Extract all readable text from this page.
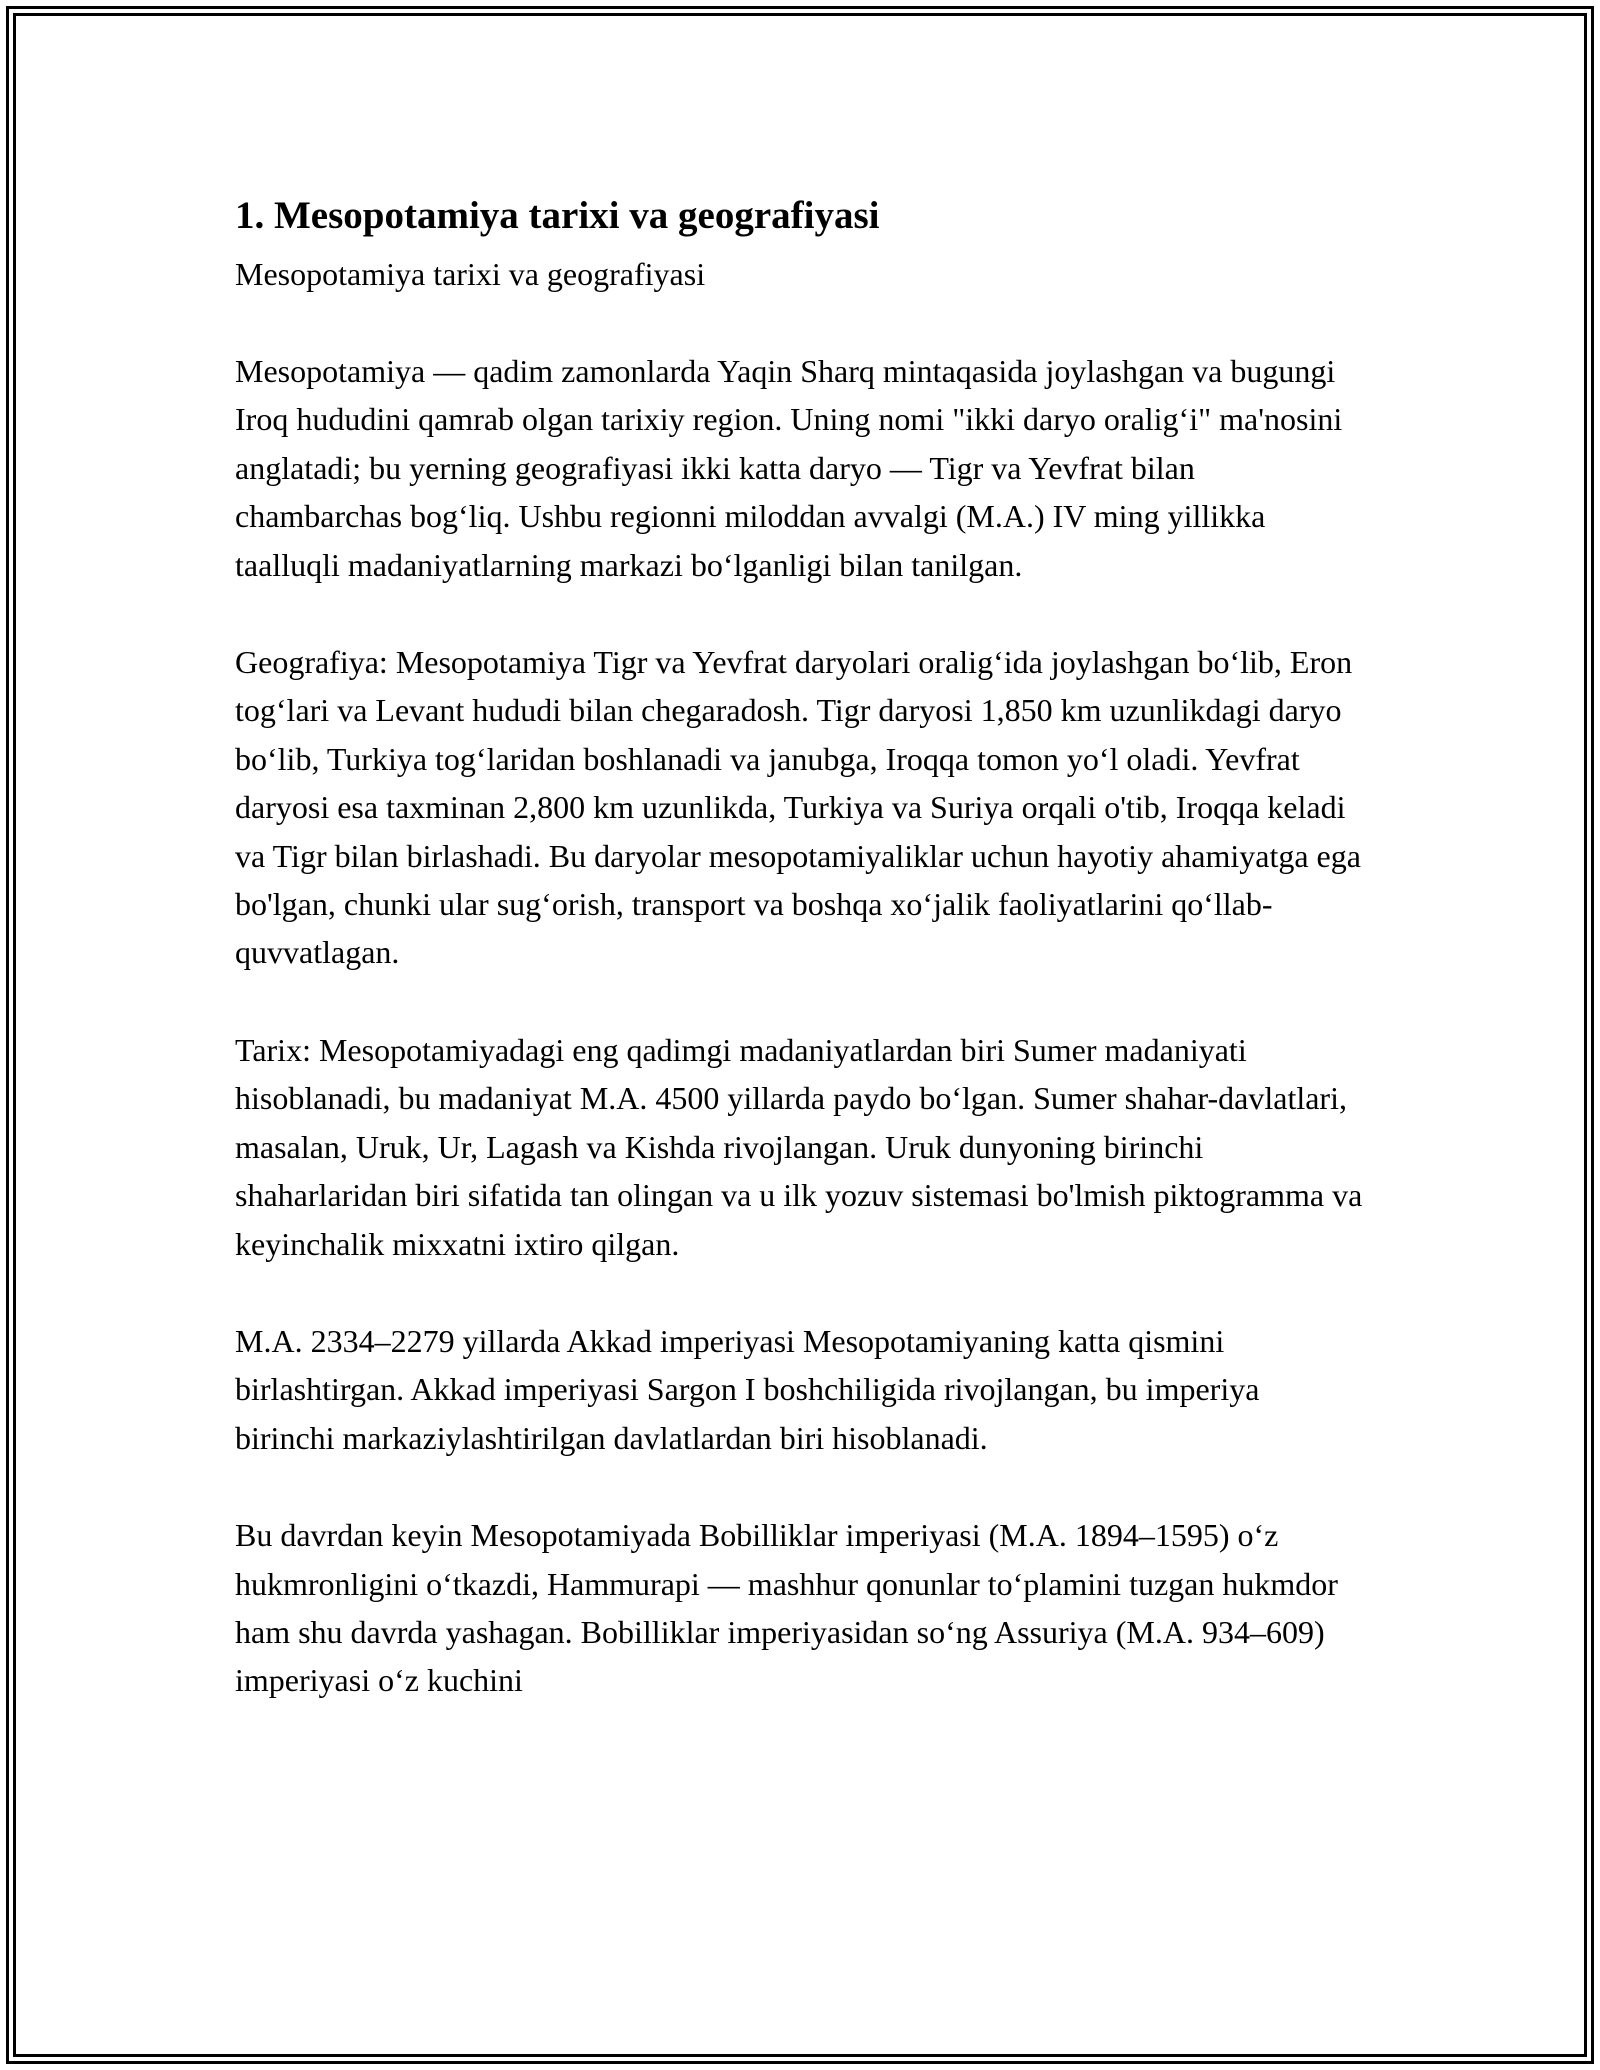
1. Mesopotamiya tarixi va geografiyasi

Mesopotamiya tarixi va geografiyasi

Mesopotamiya — qadim zamonlarda Yaqin Sharq mintaqasida joylashgan va bugungi Iroq hududini qamrab olgan tarixiy region. Uning nomi "ikki daryo oralig‘i" ma'nosini anglatadi; bu yerning geografiyasi ikki katta daryo — Tigr va Yevfrat bilan chambarchas bog‘liq. Ushbu regionni miloddan avvalgi (M.A.) IV ming yillikka taalluqli madaniyatlarning markazi bo‘lganligi bilan tanilgan.

Geografiya: Mesopotamiya Tigr va Yevfrat daryolari oralig‘ida joylashgan bo‘lib, Eron tog‘lari va Levant hududi bilan chegaradosh. Tigr daryosi 1,850 km uzunlikdagi daryo bo‘lib, Turkiya tog‘laridan boshlanadi va janubga, Iroqqa tomon yo‘l oladi. Yevfrat daryosi esa taxminan 2,800 km uzunlikda, Turkiya va Suriya orqali o'tib, Iroqqa keladi va Tigr bilan birlashadi. Bu daryolar mesopotamiyaliklar uchun hayotiy ahamiyatga ega bo'lgan, chunki ular sug‘orish, transport va boshqa xo‘jalik faoliyatlarini qo‘llab-quvvatlagan.

Tarix: Mesopotamiyadagi eng qadimgi madaniyatlardan biri Sumer madaniyati hisoblanadi, bu madaniyat M.A. 4500 yillarda paydo bo‘lgan. Sumer shahar-davlatlari, masalan, Uruk, Ur, Lagash va Kishda rivojlangan. Uruk dunyoning birinchi shaharlaridan biri sifatida tan olingan va u ilk yozuv sistemasi bo'lmish piktogramma va keyinchalik mixxatni ixtiro qilgan.

M.A. 2334–2279 yillarda Akkad imperiyasi Mesopotamiyaning katta qismini birlashtirgan. Akkad imperiyasi Sargon I boshchiligida rivojlangan, bu imperiya birinchi markaziylashtirilgan davlatlardan biri hisoblanadi.

Bu davrdan keyin Mesopotamiyada Bobilliklar imperiyasi (M.A. 1894–1595) o‘z hukmronligini o‘tkazdi, Hammurapi — mashhur qonunlar to‘plamini tuzgan hukmdor ham shu davrda yashagan. Bobilliklar imperiyasidan so‘ng Assuriya (M.A. 934–609) imperiyasi o‘z kuchini
